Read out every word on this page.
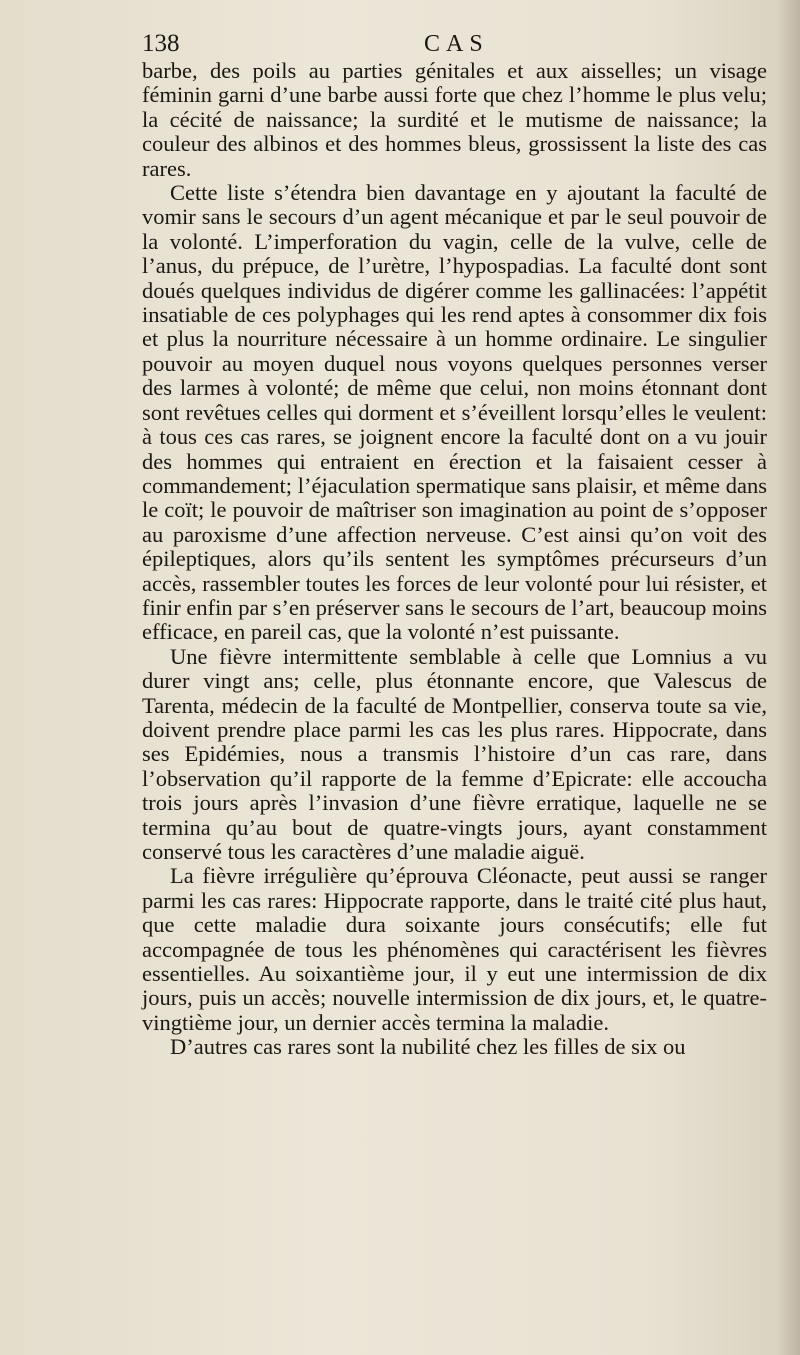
138	CAS

barbe, des poils au parties génitales et aux aisselles; un visage féminin garni d’une barbe aussi forte que chez l’homme le plus velu; la cécité de naissance; la surdité et le mutisme de naissance; la couleur des albinos et des hommes bleus, grossissent la liste des cas rares.

Cette liste s’étendra bien davantage en y ajoutant la faculté de vomir sans le secours d’un agent mécanique et par le seul pouvoir de la volonté. L’imperforation du vagin, celle de la vulve, celle de l’anus, du prépuce, de l’urètre, l’hypospadias. La faculté dont sont doués quelques individus de digérer comme les gallinacées: l’appétit insatiable de ces polyphages qui les rend aptes à consommer dix fois et plus la nourriture nécessaire à un homme ordinaire. Le singulier pouvoir au moyen duquel nous voyons quelques personnes verser des larmes à volonté; de même que celui, non moins étonnant dont sont revêtues celles qui dorment et s’éveillent lorsqu’elles le veulent: à tous ces cas rares, se joignent encore la faculté dont on a vu jouir des hommes qui entraient en érection et la faisaient cesser à commandement; l’éjaculation spermatique sans plaisir, et même dans le coït; le pouvoir de maîtriser son imagination au point de s’opposer au paroxisme d’une affection nerveuse. C’est ainsi qu’on voit des épileptiques, alors qu’ils sentent les symptômes précurseurs d’un accès, rassembler toutes les forces de leur volonté pour lui résister, et finir enfin par s’en préserver sans le secours de l’art, beaucoup moins efficace, en pareil cas, que la volonté n’est puissante.

Une fièvre intermittente semblable à celle que Lomnius a vu durer vingt ans; celle, plus étonnante encore, que Valescus de Tarenta, médecin de la faculté de Montpellier, conserva toute sa vie, doivent prendre place parmi les cas les plus rares. Hippocrate, dans ses Epidémies, nous a transmis l’histoire d’un cas rare, dans l’observation qu’il rapporte de la femme d’Epicrate: elle accoucha trois jours après l’invasion d’une fièvre erratique, laquelle ne se termina qu’au bout de quatre-vingts jours, ayant constamment conservé tous les caractères d’une maladie aiguë.

La fièvre irrégulière qu’éprouva Cléonacte, peut aussi se ranger parmi les cas rares: Hippocrate rapporte, dans le traité cité plus haut, que cette maladie dura soixante jours consécutifs; elle fut accompagnée de tous les phénomènes qui caractérisent les fièvres essentielles. Au soixantième jour, il y eut une intermission de dix jours, puis un accès; nouvelle intermission de dix jours, et, le quatre-vingtième jour, un dernier accès termina la maladie.

D’autres cas rares sont la nubilité chez les filles de six ou
